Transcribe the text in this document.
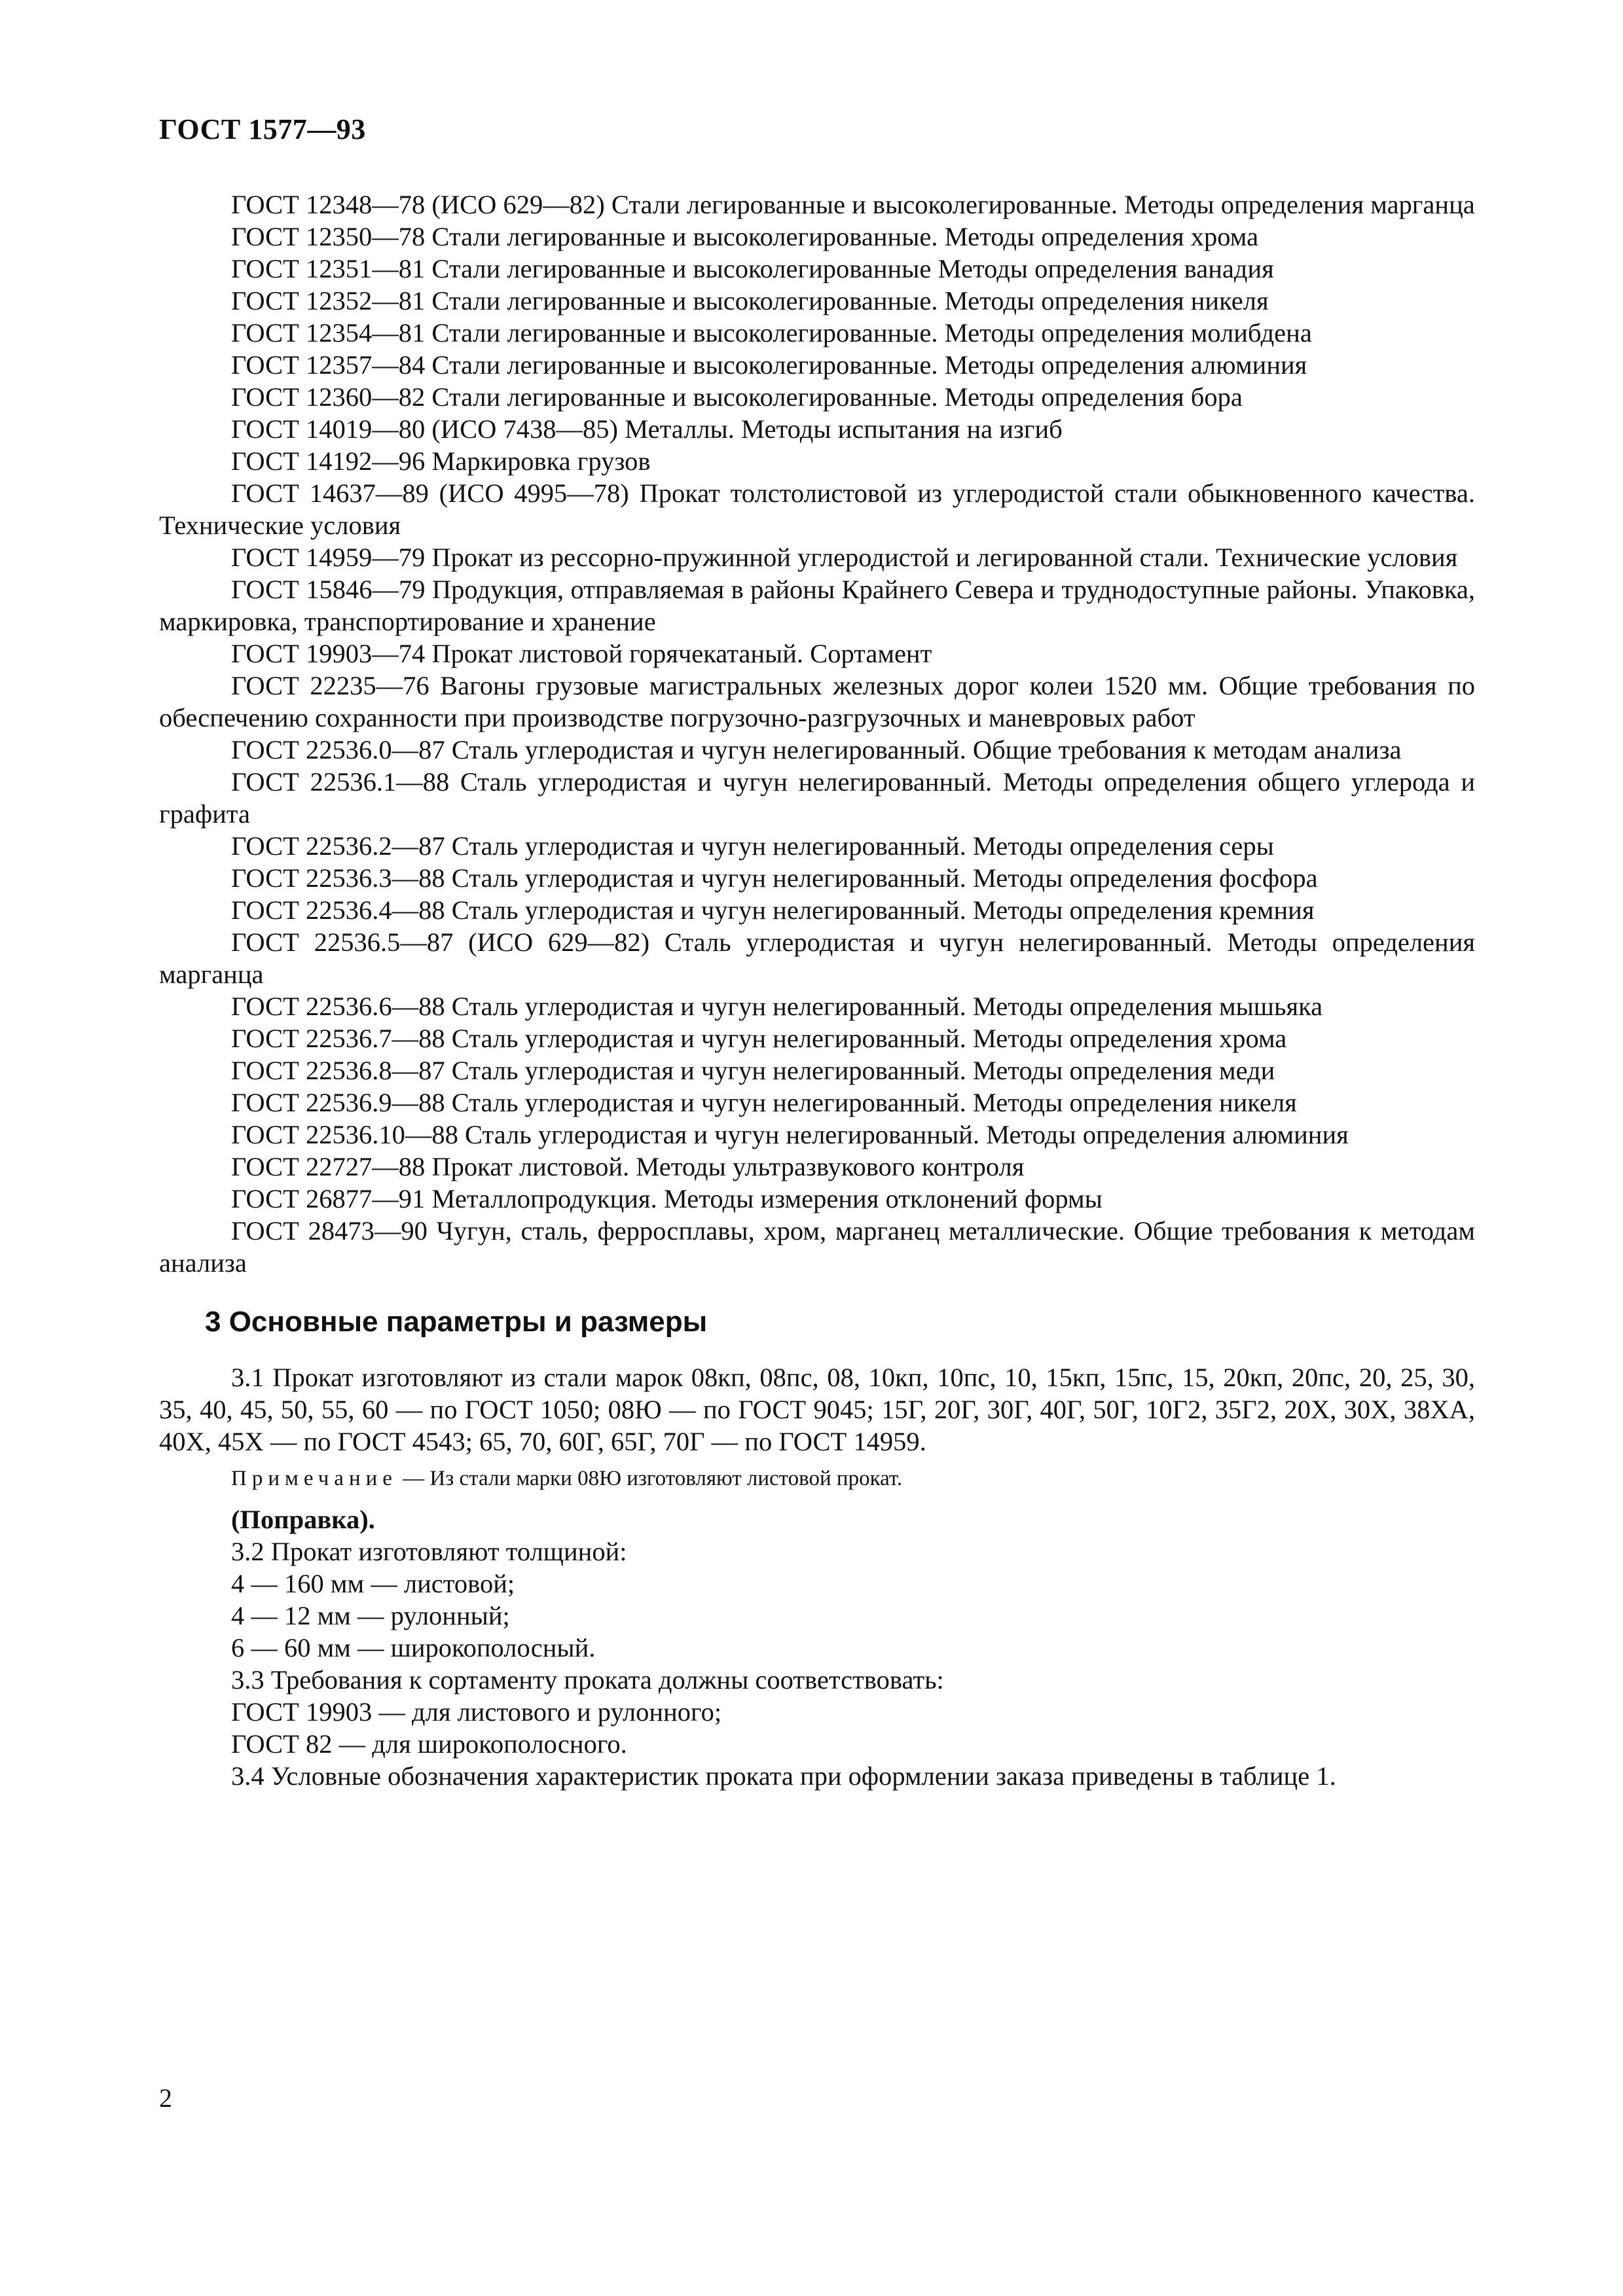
ГОСТ 1577—93

ГОСТ 12348—78 (ИСО 629—82) Стали легированные и высоколегированные. Методы определения марганца

ГОСТ 12350—78 Стали легированные и высоколегированные. Методы определения хрома

ГОСТ 12351—81 Стали легированные и высоколегированные Методы определения ванадия

ГОСТ 12352—81 Стали легированные и высоколегированные. Методы определения никеля

ГОСТ 12354—81 Стали легированные и высоколегированные. Методы определения молибдена

ГОСТ 12357—84 Стали легированные и высоколегированные. Методы определения алюминия

ГОСТ 12360—82 Стали легированные и высоколегированные. Методы определения бора

ГОСТ 14019—80 (ИСО 7438—85) Металлы. Методы испытания на изгиб

ГОСТ 14192—96 Маркировка грузов

ГОСТ 14637—89 (ИСО 4995—78) Прокат толстолистовой из углеродистой стали обыкновенного качества. Технические условия

ГОСТ 14959—79 Прокат из рессорно-пружинной углеродистой и легированной стали. Технические условия

ГОСТ 15846—79 Продукция, отправляемая в районы Крайнего Севера и труднодоступные районы. Упаковка, маркировка, транспортирование и хранение

ГОСТ 19903—74 Прокат листовой горячекатаный. Сортамент

ГОСТ 22235—76 Вагоны грузовые магистральных железных дорог колеи 1520 мм. Общие требования по обеспечению сохранности при производстве погрузочно-разгрузочных и маневровых работ

ГОСТ 22536.0—87 Сталь углеродистая и чугун нелегированный. Общие требования к методам анализа

ГОСТ 22536.1—88 Сталь углеродистая и чугун нелегированный. Методы определения общего углерода и графита

ГОСТ 22536.2—87 Сталь углеродистая и чугун нелегированный. Методы определения серы

ГОСТ 22536.3—88 Сталь углеродистая и чугун нелегированный. Методы определения фосфора

ГОСТ 22536.4—88 Сталь углеродистая и чугун нелегированный. Методы определения кремния

ГОСТ 22536.5—87 (ИСО 629—82) Сталь углеродистая и чугун нелегированный. Методы определения марганца

ГОСТ 22536.6—88 Сталь углеродистая и чугун нелегированный. Методы определения мышьяка

ГОСТ 22536.7—88 Сталь углеродистая и чугун нелегированный. Методы определения хрома

ГОСТ 22536.8—87 Сталь углеродистая и чугун нелегированный. Методы определения меди

ГОСТ 22536.9—88 Сталь углеродистая и чугун нелегированный. Методы определения никеля

ГОСТ 22536.10—88 Сталь углеродистая и чугун нелегированный. Методы определения алюминия

ГОСТ 22727—88 Прокат листовой. Методы ультразвукового контроля

ГОСТ 26877—91 Металлопродукция. Методы измерения отклонений формы

ГОСТ 28473—90 Чугун, сталь, ферросплавы, хром, марганец металлические. Общие требования к методам анализа

3 Основные параметры и размеры

3.1 Прокат изготовляют из стали марок 08кп, 08пс, 08, 10кп, 10пс, 10, 15кп, 15пс, 15, 20кп, 20пс, 20, 25, 30, 35, 40, 45, 50, 55, 60 — по ГОСТ 1050; 08Ю — по ГОСТ 9045; 15Г, 20Г, 30Г, 40Г, 50Г, 10Г2, 35Г2, 20Х, 30Х, 38ХА, 40Х, 45Х — по ГОСТ 4543; 65, 70, 60Г, 65Г, 70Г — по ГОСТ 14959.

Примечание — Из стали марки 08Ю изготовляют листовой прокат.

(Поправка).

3.2 Прокат изготовляют толщиной:

4 — 160 мм — листовой;

4 — 12 мм — рулонный;

6 — 60 мм — широкополосный.

3.3 Требования к сортаменту проката должны соответствовать:

ГОСТ 19903 — для листового и рулонного;

ГОСТ 82 — для широкополосного.

3.4 Условные обозначения характеристик проката при оформлении заказа приведены в таблице 1.

2
